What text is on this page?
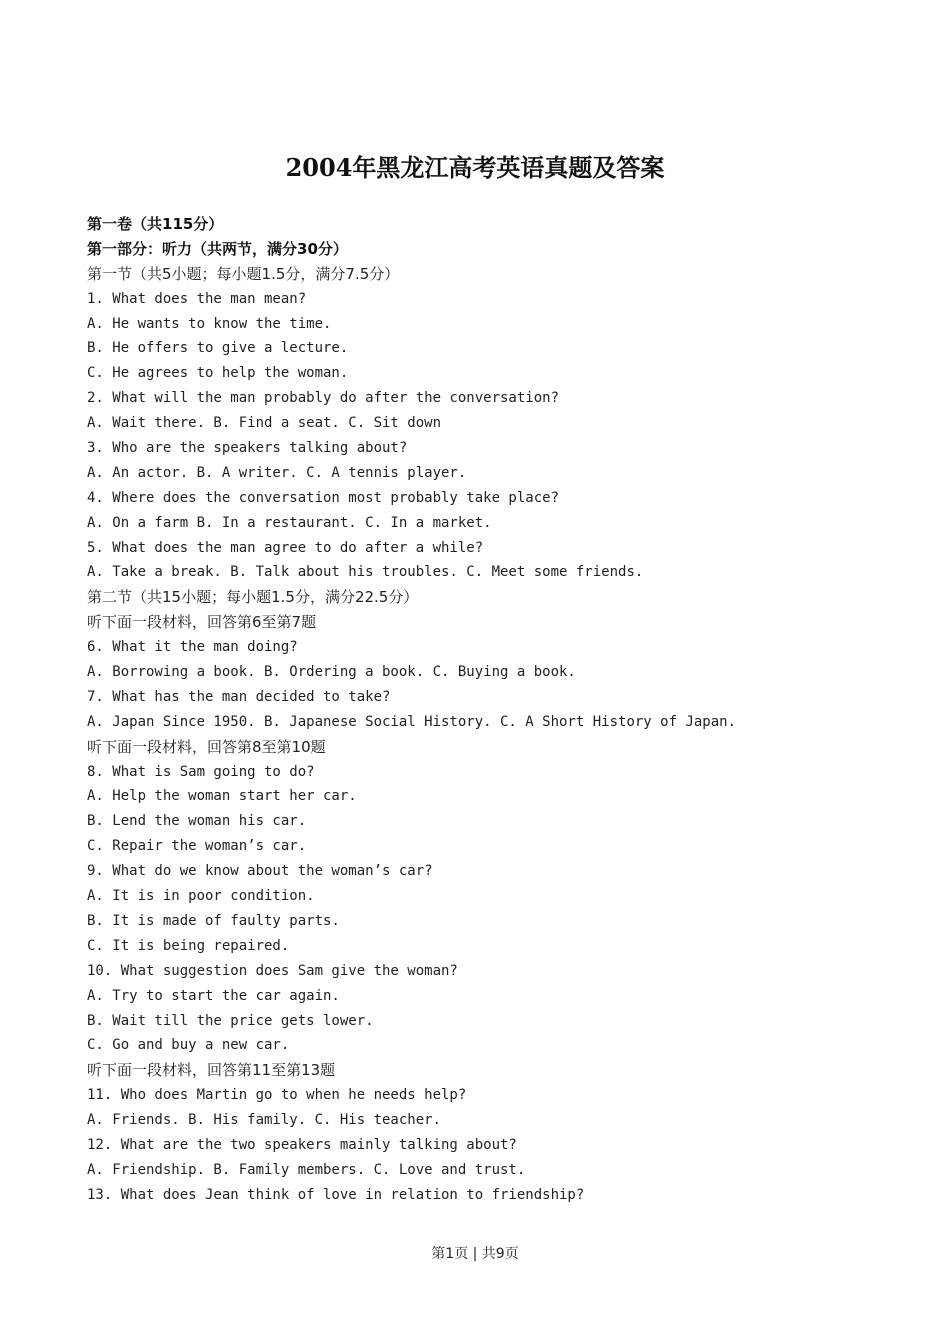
2004年黑龙江高考英语真题及答案
第一卷（共115分）
第一部分：听力（共两节，满分30分）
第一节（共5小题；每小题1.5分，满分7.5分）
1. What does the man mean?
A. He wants to know the time.
B. He offers to give a lecture.
C. He agrees to help the woman.
2. What will the man probably do after the conversation?
A. Wait there. B. Find a seat. C. Sit down
3. Who are the speakers talking about?
A. An actor. B. A writer. C. A tennis player.
4. Where does the conversation most probably take place?
A. On a farm B. In a restaurant. C. In a market.
5. What does the man agree to do after a while?
A. Take a break. B. Talk about his troubles. C. Meet some friends.
第二节（共15小题；每小题1.5分，满分22.5分）
听下面一段材料，回答第6至第7题
6. What it the man doing?
A. Borrowing a book. B. Ordering a book. C. Buying a book.
7. What has the man decided to take?
A. Japan Since 1950. B. Japanese Social History. C. A Short History of Japan.
听下面一段材料，回答第8至第10题
8. What is Sam going to do?
A. Help the woman start her car.
B. Lend the woman his car.
C. Repair the woman’s car.
9. What do we know about the woman’s car?
A. It is in poor condition.
B. It is made of faulty parts.
C. It is being repaired.
10. What suggestion does Sam give the woman?
A. Try to start the car again.
B. Wait till the price gets lower.
C. Go and buy a new car.
听下面一段材料，回答第11至第13题
11. Who does Martin go to when he needs help?
A. Friends. B. His family. C. His teacher.
12. What are the two speakers mainly talking about?
A. Friendship. B. Family members. C. Love and trust.
13. What does Jean think of love in relation to friendship?
第1页 | 共9页
